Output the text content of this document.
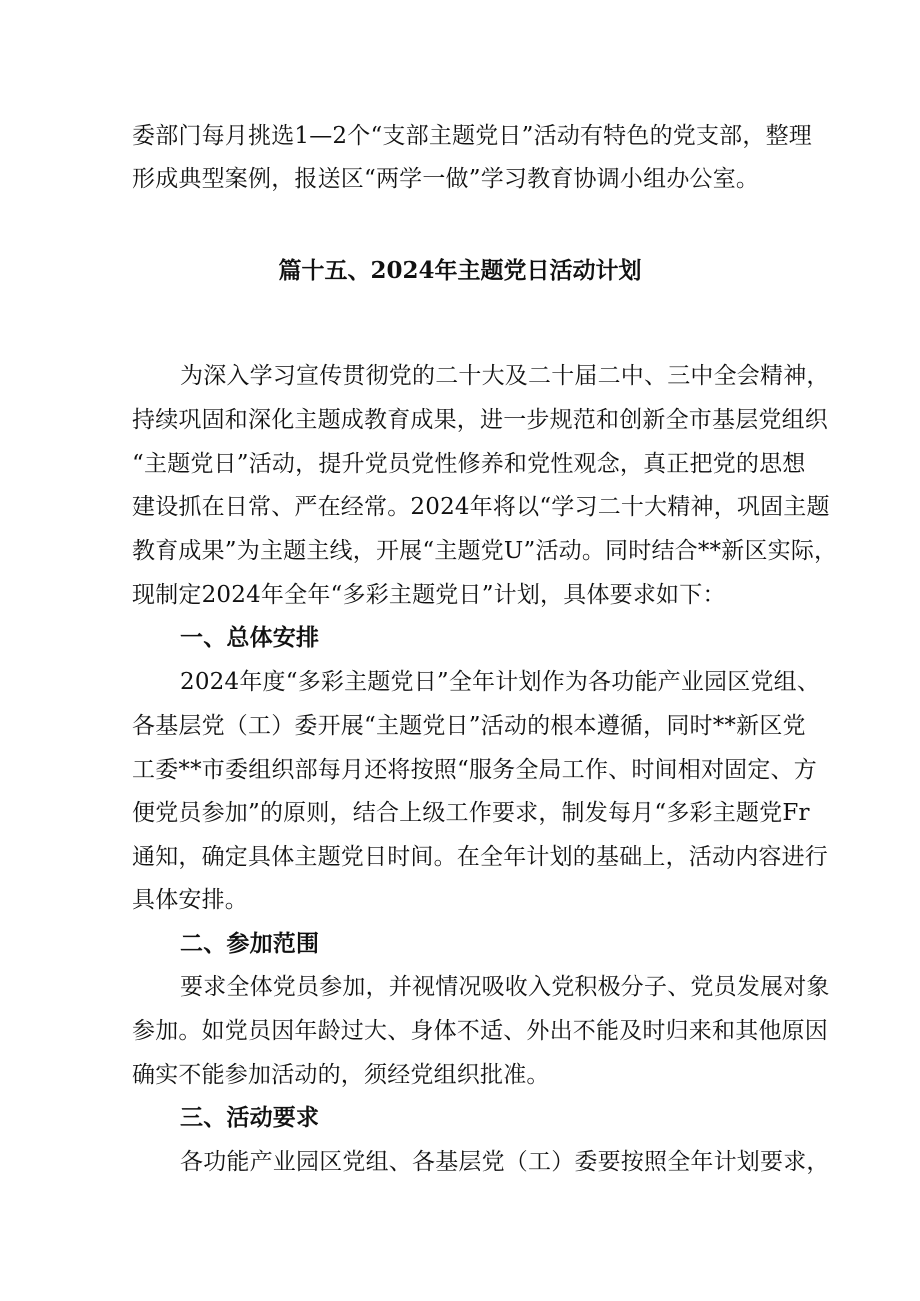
委部门每月挑选1—2个“支部主题党日”活动有特色的党支部，整理
形成典型案例，报送区“两学一做”学习教育协调小组办公室。
篇十五、2024年主题党日活动计划
为深入学习宣传贯彻党的二十大及二十届二中、三中全会精神，
持续巩固和深化主题成教育成果，进一步规范和创新全市基层党组织
“主题党日”活动，提升党员党性修养和党性观念，真正把党的思想
建设抓在日常、严在经常。2024年将以“学习二十大精神，巩固主题
教育成果”为主题主线，开展“主题党U”活动。同时结合**新区实际，
现制定2024年全年“多彩主题党日”计划，具体要求如下：
一、总体安排
2024年度“多彩主题党日”全年计划作为各功能产业园区党组、
各基层党（工）委开展“主题党日”活动的根本遵循，同时**新区党
工委**市委组织部每月还将按照“服务全局工作、时间相对固定、方
便党员参加”的原则，结合上级工作要求，制发每月“多彩主题党Fr
通知，确定具体主题党日时间。在全年计划的基础上，活动内容进行
具体安排。
二、参加范围
要求全体党员参加，并视情况吸收入党积极分子、党员发展对象
参加。如党员因年龄过大、身体不适、外出不能及时归来和其他原因
确实不能参加活动的，须经党组织批准。
三、活动要求
各功能产业园区党组、各基层党（工）委要按照全年计划要求，
